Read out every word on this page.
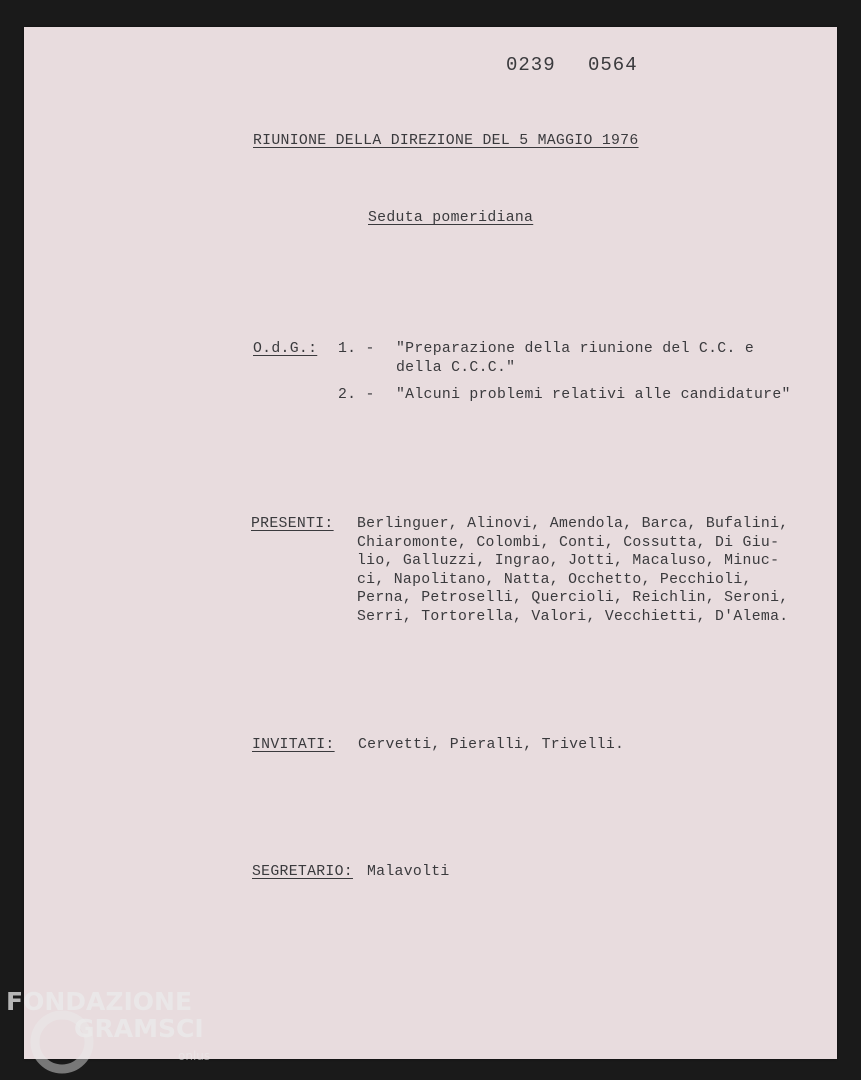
0239 0564
RIUNIONE DELLA DIREZIONE DEL 5 MAGGIO 1976
Seduta pomeridiana
O.d.G.: 1. - "Preparazione della riunione del C.C. e
della C.C.C."
2. - "Alcuni problemi relativi alle candidature"
PRESENTI: Berlinguer, Alinovi, Amendola, Barca, Bufalini,
Chiaromonte, Colombi, Conti, Cossutta, Di Giu-
lio, Galluzzi, Ingrao, Jotti, Macaluso, Minuc-
ci, Napolitano, Natta, Occhetto, Pecchioli,
Perna, Petroselli, Quercioli, Reichlin, Seroni,
Serri, Tortorella, Valori, Vecchietti, D'Alema.
INVITATI: Cervetti, Pieralli, Trivelli.
SEGRETARIO: Malavolti
FONDAZIONE
GRAMSCI
onlus
